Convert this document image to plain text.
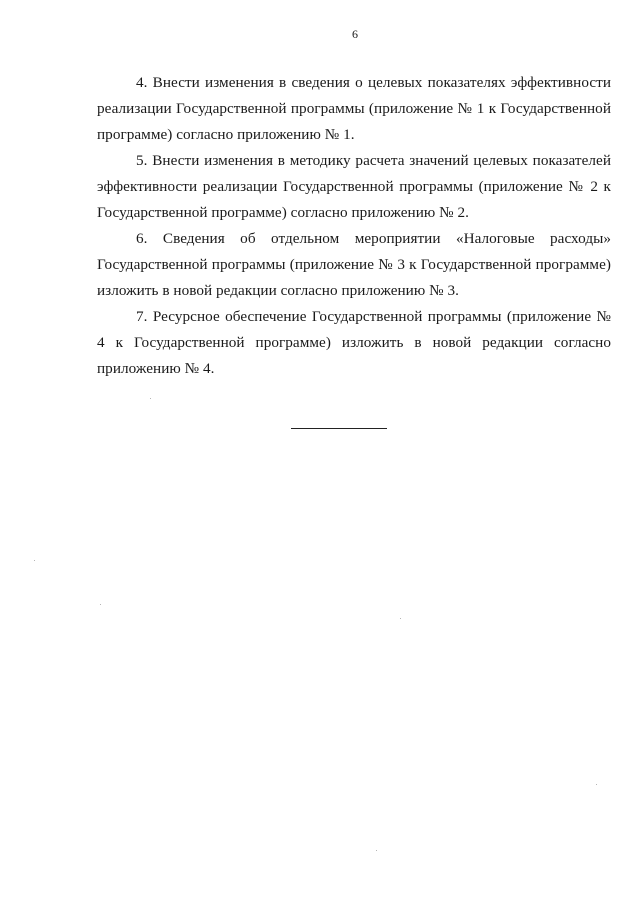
6

4. Внести изменения в сведения о целевых показателях эффективности реализации Государственной программы (приложение № 1 к Государственной программе) согласно приложению № 1.

5. Внести изменения в методику расчета значений целевых показателей эффективности реализации Государственной программы (приложение № 2 к Государственной программе) согласно приложению № 2.

6. Сведения об отдельном мероприятии «Налоговые расходы» Государственной программы (приложение № 3 к Государственной программе) изложить в новой редакции согласно приложению № 3.

7. Ресурсное обеспечение Государственной программы (приложение № 4 к Государственной программе) изложить в новой редакции согласно приложению № 4.
